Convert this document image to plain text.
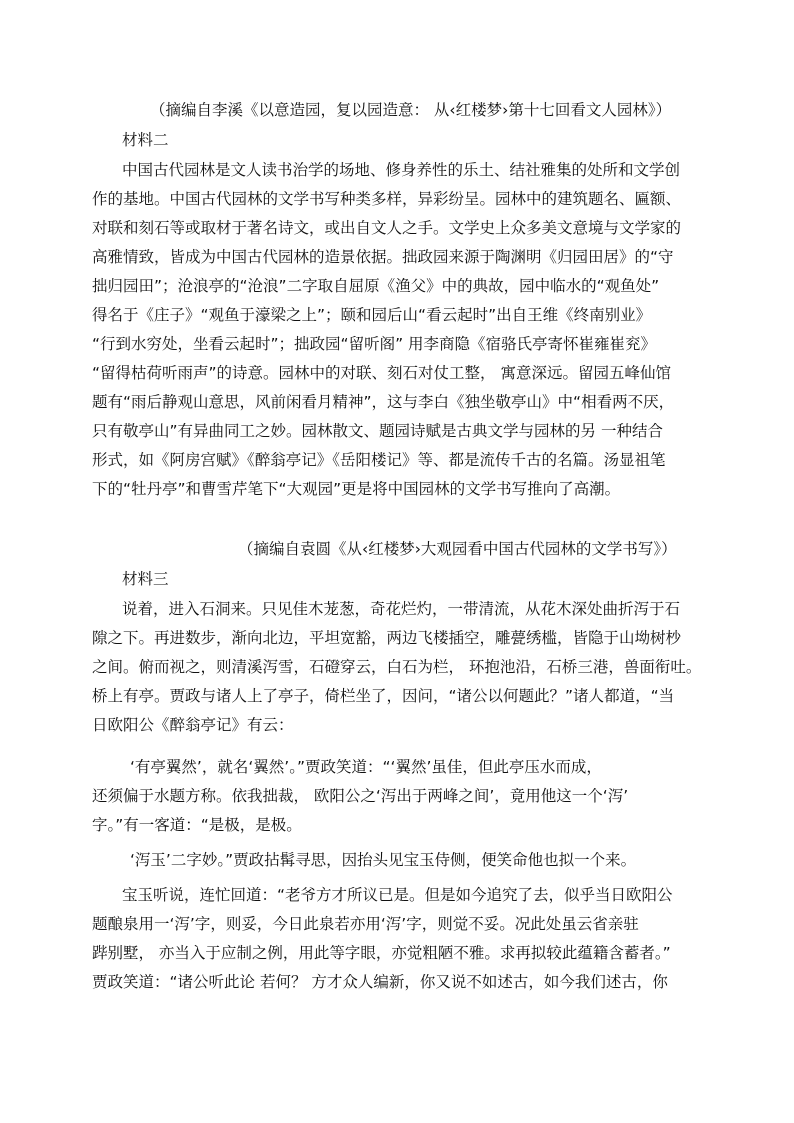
（摘编自李溪《以意造园，复以园造意： 从‹红楼梦›第十七回看文人园林》）
材料二
中国古代园林是文人读书治学的场地、修身养性的乐土、结社雅集的处所和文学创
作的基地。中国古代园林的文学书写种类多样，异彩纷呈。园林中的建筑题名、匾额、
对联和刻石等或取材于著名诗文，或出自文人之手。文学史上众多美文意境与文学家的
高雅情致，皆成为中国古代园林的造景依据。拙政园来源于陶渊明《归园田居》的“守
拙归园田”；沧浪亭的“沧浪”二字取自屈原《渔父》中的典故，园中临水的“观鱼处”
得名于《庄子》“观鱼于濠梁之上”；颐和园后山“看云起时”出自王维《终南别业》
“行到水穷处，坐看云起时”；拙政园“留听阁” 用李商隐《宿骆氏亭寄怀崔雍崔兖》
“留得枯荷听雨声”的诗意。园林中的对联、刻石对仗工整， 寓意深远。留园五峰仙馆
题有“雨后静观山意思，风前闲看月精神”，这与李白《独坐敬亭山》中“相看两不厌，
只有敬亭山”有异曲同工之妙。园林散文、题园诗赋是古典文学与园林的另 一种结合
形式，如《阿房宫赋》《醉翁亭记》《岳阳楼记》等、都是流传千古的名篇。汤显祖笔
下的“牡丹亭”和曹雪芹笔下“大观园”更是将中国园林的文学书写推向了高潮。
（摘编自袁圆《从‹红楼梦›大观园看中国古代园林的文学书写》）
材料三
说着，进入石洞来。只见佳木茏葱，奇花烂灼，一带清流，从花木深处曲折泻于石
隙之下。再进数步，渐向北边，平坦宽豁，两边飞楼插空，雕甍绣槛，皆隐于山坳树杪
之间。俯而视之，则清溪泻雪，石磴穿云，白石为栏， 环抱池沿，石桥三港，兽面衔吐。
桥上有亭。贾政与诸人上了亭子，倚栏坐了，因问，“诸公以何题此？”诸人都道，“当
日欧阳公《醉翁亭记》有云：
‘有亭翼然’，就名‘翼然’。”贾政笑道：“‘翼然’虽佳，但此亭压水而成，
还须偏于水题方称。依我拙裁， 欧阳公之‘泻出于两峰之间’，竟用他这一个‘泻’
字。”有一客道：“是极，是极。
‘泻玉’二字妙。”贾政拈髯寻思，因抬头见宝玉侍侧，便笑命他也拟一个来。
宝玉听说，连忙回道：“老爷方才所议已是。但是如今追究了去，似乎当日欧阳公
题酿泉用一‘泻’字，则妥，今日此泉若亦用‘泻’字，则觉不妥。况此处虽云省亲驻
跸别墅， 亦当入于应制之例，用此等字眼，亦觉粗陋不雅。求再拟较此蕴籍含蓄者。”
贾政笑道：“诸公听此论 若何？ 方才众人编新，你又说不如述古，如今我们述古，你
